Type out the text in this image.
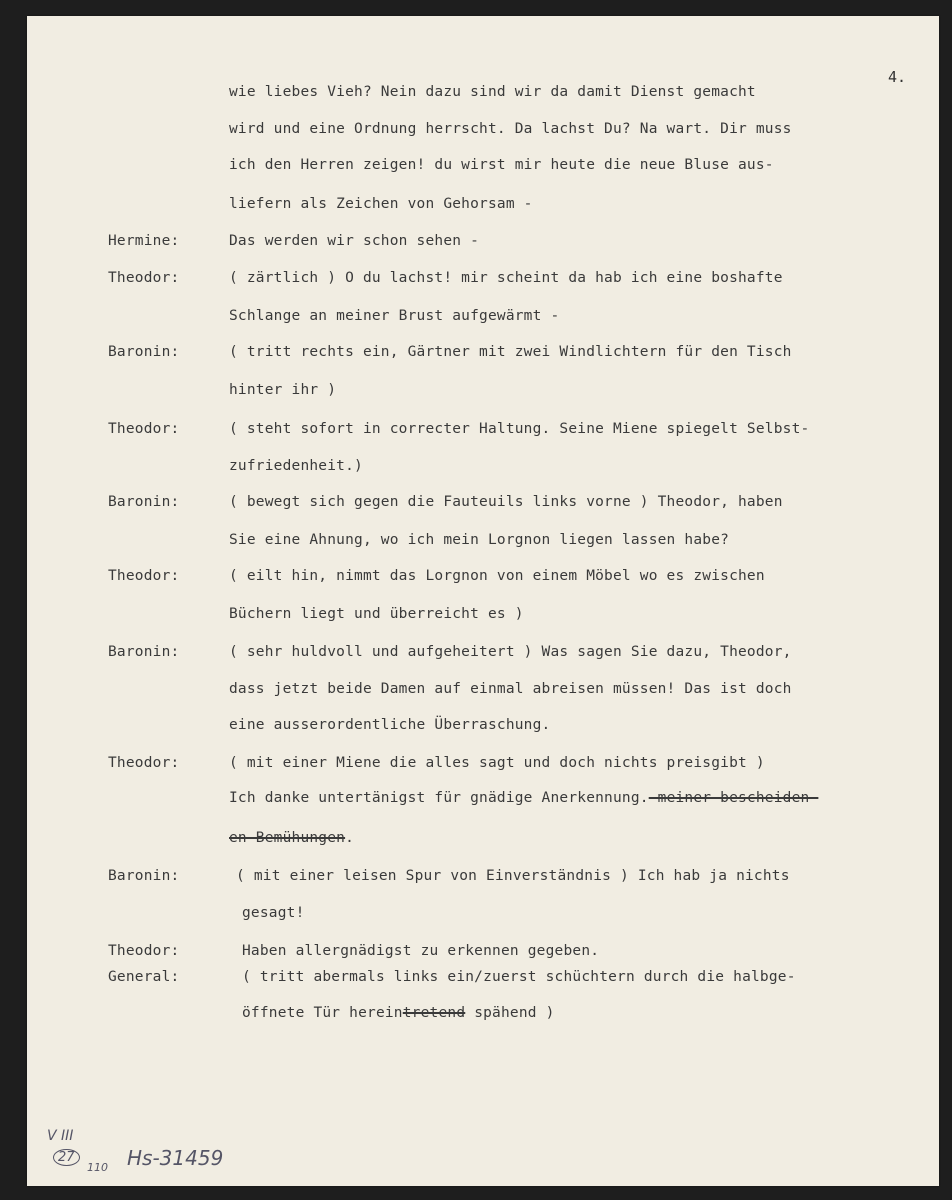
4.
wie liebes Vieh? Nein dazu sind wir da damit Dienst gemacht
wird und eine Ordnung herrscht. Da lachst Du? Na wart. Dir muss
ich den Herren zeigen! du wirst mir heute die neue Bluse aus-
liefern als Zeichen von Gehorsam -
Hermine:	Das werden wir schon sehen -
Theodor:	( zärtlich ) O du lachst! mir scheint da hab ich eine boshafte
Schlange an meiner Brust aufgewärmt -
Baronin:	( tritt rechts ein, Gärtner mit zwei Windlichtern für den Tisch
hinter ihr )
Theodor:	( steht sofort in correcter Haltung. Seine Miene spiegelt Selbst-
zufriedenheit.)
Baronin:	( bewegt sich gegen die Fauteuils links vorne ) Theodor, haben
Sie eine Ahnung, wo ich mein Lorgnon liegen lassen habe?
Theodor:	( eilt hin, nimmt das Lorgnon von einem Möbel wo es zwischen
Büchern liegt und überreicht es )
Baronin:	( sehr huldvoll und aufgeheitert ) Was sagen Sie dazu, Theodor,
dass jetzt beide Damen auf einmal abreisen müssen! Das ist doch
eine ausserordentliche Überraschung.
Theodor:	( mit einer Miene die alles sagt und doch nichts preisgibt )
Ich danke untertänigst für gnädige Anerkennung. meiner bescheiden-
en Bemühungen.
Baronin:	( mit einer leisen Spur von Einverständnis ) Ich hab ja nichts
gesagt!
Theodor:	Haben allergnädigst zu erkennen gegeben.
General:	( tritt abermals links ein/zuerst schüchtern durch die halbge-
öffnete Tür hereintretend spähend )
V III
27
110 Hs-31459
